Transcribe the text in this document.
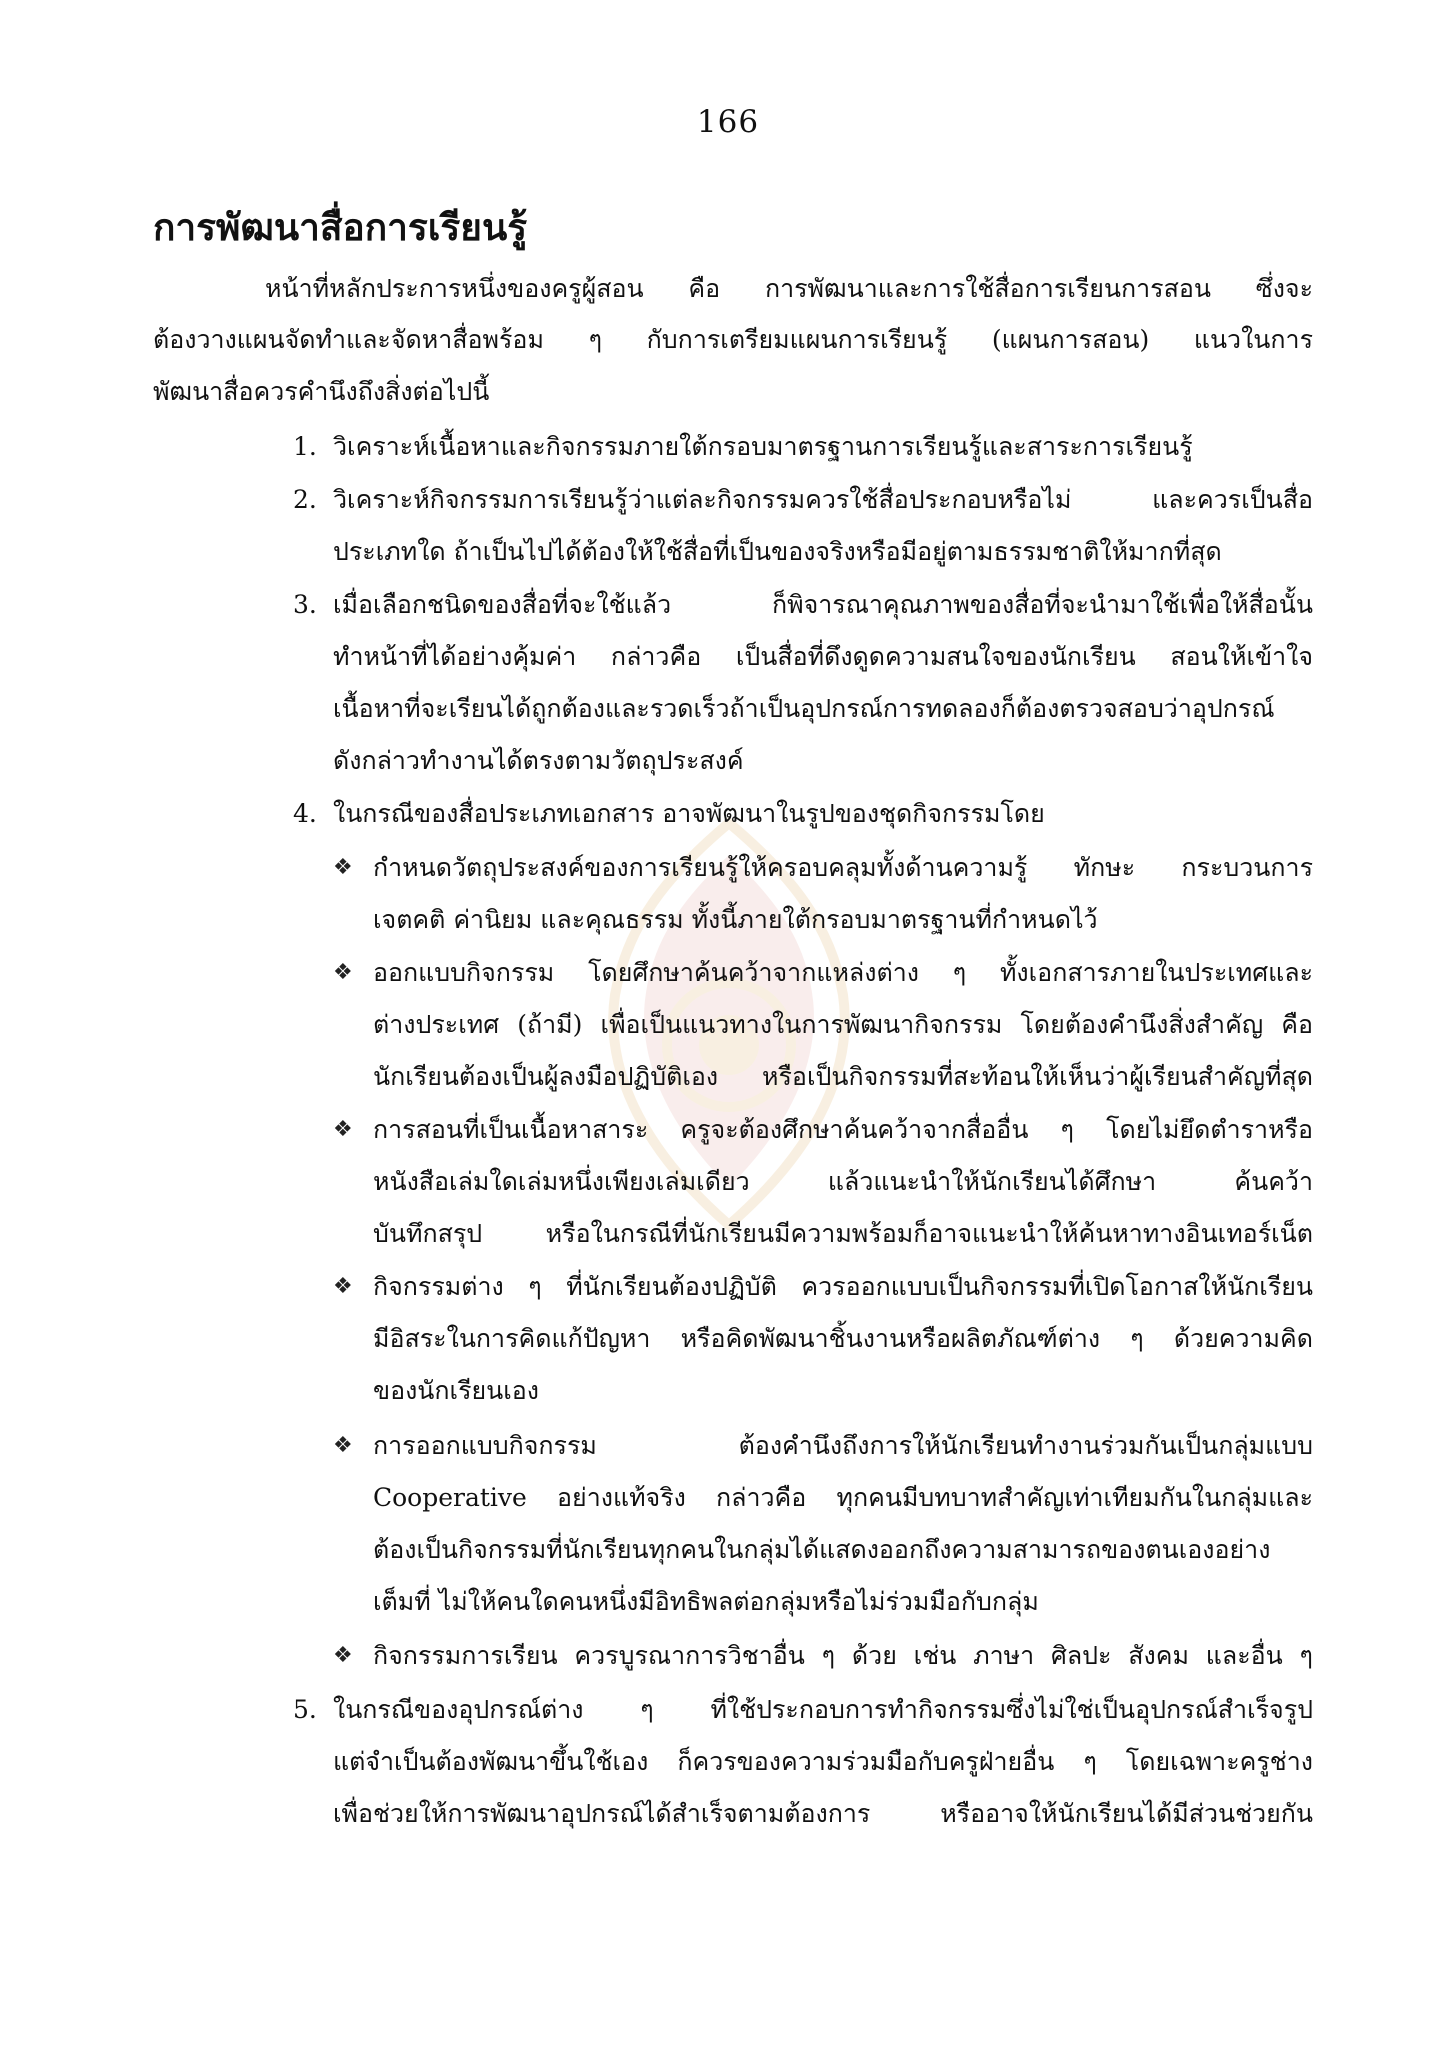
166
การพัฒนาสื่อการเรียนรู้

หน้าที่หลักประการหนึ่งของครูผู้สอน คือ การพัฒนาและการใช้สื่อการเรียนการสอน ซึ่งจะ

ต้องวางแผนจัดทำและจัดหาสื่อพร้อม ๆ กับการเตรียมแผนการเรียนรู้ (แผนการสอน) แนวในการ

พัฒนาสื่อควรคำนึงถึงสิ่งต่อไปนี้

1. วิเคราะห์เนื้อหาและกิจกรรมภายใต้กรอบมาตรฐานการเรียนรู้และสาระการเรียนรู้

2. วิเคราะห์กิจกรรมการเรียนรู้ว่าแต่ละกิจกรรมควรใช้สื่อประกอบหรือไม่ และควรเป็นสื่อ

ประเภทใด ถ้าเป็นไปได้ต้องให้ใช้สื่อที่เป็นของจริงหรือมีอยู่ตามธรรมชาติให้มากที่สุด

3. เมื่อเลือกชนิดของสื่อที่จะใช้แล้ว ก็พิจารณาคุณภาพของสื่อที่จะนำมาใช้เพื่อให้สื่อนั้น

ทำหน้าที่ได้อย่างคุ้มค่า กล่าวคือ เป็นสื่อที่ดึงดูดความสนใจของนักเรียน สอนให้เข้าใจ

เนื้อหาที่จะเรียนได้ถูกต้องและรวดเร็วถ้าเป็นอุปกรณ์การทดลองก็ต้องตรวจสอบว่าอุปกรณ์

ดังกล่าวทำงานได้ตรงตามวัตถุประสงค์

4. ในกรณีของสื่อประเภทเอกสาร อาจพัฒนาในรูปของชุดกิจกรรมโดย

❖ กำหนดวัตถุประสงค์ของการเรียนรู้ให้ครอบคลุมทั้งด้านความรู้ ทักษะ กระบวนการ

เจตคติ ค่านิยม และคุณธรรม ทั้งนี้ภายใต้กรอบมาตรฐานที่กำหนดไว้

❖ ออกแบบกิจกรรม โดยศึกษาค้นคว้าจากแหล่งต่าง ๆ ทั้งเอกสารภายในประเทศและ

ต่างประเทศ (ถ้ามี) เพื่อเป็นแนวทางในการพัฒนากิจกรรม โดยต้องคำนึงสิ่งสำคัญ คือ

นักเรียนต้องเป็นผู้ลงมือปฏิบัติเอง หรือเป็นกิจกรรมที่สะท้อนให้เห็นว่าผู้เรียนสำคัญที่สุด

❖ การสอนที่เป็นเนื้อหาสาระ ครูจะต้องศึกษาค้นคว้าจากสื่ออื่น ๆ โดยไม่ยึดตำราหรือ

หนังสือเล่มใดเล่มหนึ่งเพียงเล่มเดียว แล้วแนะนำให้นักเรียนได้ศึกษา ค้นคว้า

บันทึกสรุป หรือในกรณีที่นักเรียนมีความพร้อมก็อาจแนะนำให้ค้นหาทางอินเทอร์เน็ต

❖ กิจกรรมต่าง ๆ ที่นักเรียนต้องปฏิบัติ ควรออกแบบเป็นกิจกรรมที่เปิดโอกาสให้นักเรียน

มีอิสระในการคิดแก้ปัญหา หรือคิดพัฒนาชิ้นงานหรือผลิตภัณฑ์ต่าง ๆ ด้วยความคิด

ของนักเรียนเอง

❖ การออกแบบกิจกรรม ต้องคำนึงถึงการให้นักเรียนทำงานร่วมกันเป็นกลุ่มแบบ

Cooperative อย่างแท้จริง กล่าวคือ ทุกคนมีบทบาทสำคัญเท่าเทียมกันในกลุ่มและ

ต้องเป็นกิจกรรมที่นักเรียนทุกคนในกลุ่มได้แสดงออกถึงความสามารถของตนเองอย่าง

เต็มที่ ไม่ให้คนใดคนหนึ่งมีอิทธิพลต่อกลุ่มหรือไม่ร่วมมือกับกลุ่ม

❖ กิจกรรมการเรียน ควรบูรณาการวิชาอื่น ๆ ด้วย เช่น ภาษา ศิลปะ สังคม และอื่น ๆ

5. ในกรณีของอุปกรณ์ต่าง ๆ ที่ใช้ประกอบการทำกิจกรรมซึ่งไม่ใช่เป็นอุปกรณ์สำเร็จรูป

แต่จำเป็นต้องพัฒนาขึ้นใช้เอง ก็ควรของความร่วมมือกับครูฝ่ายอื่น ๆ โดยเฉพาะครูช่าง

เพื่อช่วยให้การพัฒนาอุปกรณ์ได้สำเร็จตามต้องการ หรืออาจให้นักเรียนได้มีส่วนช่วยกัน
